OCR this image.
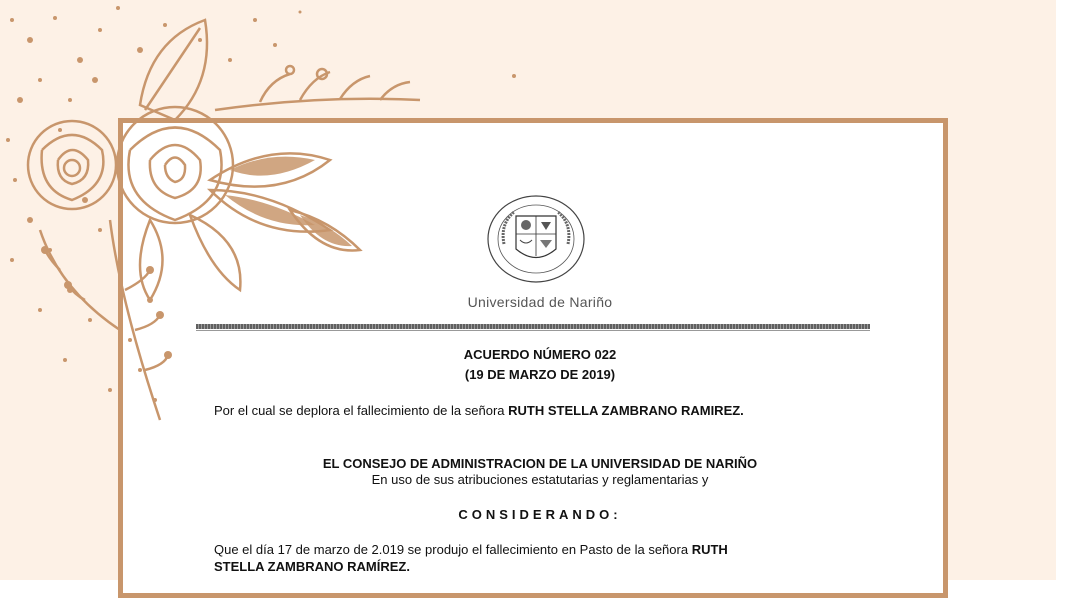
Universidad de Nariño
ACUERDO NÚMERO 022
(19 DE MARZO DE 2019)
Por el cual se deplora el fallecimiento de la señora RUTH STELLA ZAMBRANO RAMIREZ.
EL CONSEJO DE ADMINISTRACION DE LA UNIVERSIDAD DE NARIÑO
En uso de sus atribuciones estatutarias y reglamentarias y
CONSIDERANDO:
Que el día 17 de marzo de 2.019 se produjo el fallecimiento en Pasto de la señora RUTH
STELLA ZAMBRANO RAMÍREZ.
